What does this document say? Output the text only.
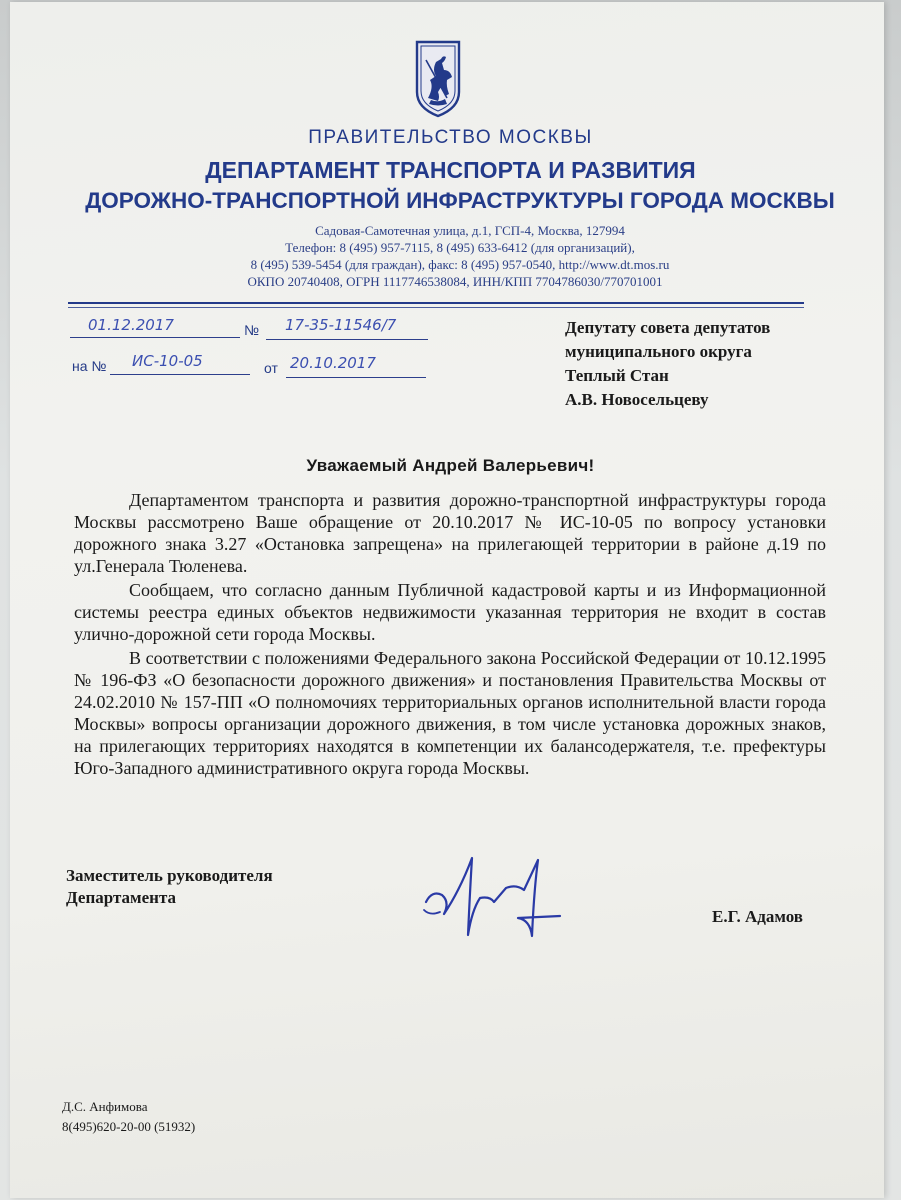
ПРАВИТЕЛЬСТВО МОСКВЫ
ДЕПАРТАМЕНТ ТРАНСПОРТА И РАЗВИТИЯ
ДОРОЖНО-ТРАНСПОРТНОЙ ИНФРАСТРУКТУРЫ ГОРОДА МОСКВЫ
Садовая-Самотечная улица, д.1, ГСП-4, Москва, 127994
Телефон: 8 (495) 957-7115, 8 (495) 633-6412 (для организаций),
8 (495) 539-5454 (для граждан), факс: 8 (495) 957-0540, http://www.dt.mos.ru
ОКПО 20740408, ОГРН 1117746538084, ИНН/КПП 7704786030/770701001
01.12.2017	№ 17-35-11546/7
на № ИС-10-05	от 20.10.2017
Депутату совета депутатов
муниципального округа
Теплый Стан
А.В. Новосельцеву
Уважаемый Андрей Валерьевич!

Департаментом транспорта и развития дорожно-транспортной инфраструктуры города Москвы рассмотрено Ваше обращение от 20.10.2017 № ИС-10-05 по вопросу установки дорожного знака 3.27 «Остановка запрещена» на прилегающей территории в районе д.19 по ул.Генерала Тюленева.

Сообщаем, что согласно данным Публичной кадастровой карты и из Информационной системы реестра единых объектов недвижимости указанная территория не входит в состав улично-дорожной сети города Москвы.

В соответствии с положениями Федерального закона Российской Федерации от 10.12.1995 № 196-ФЗ «О безопасности дорожного движения» и постановления Правительства Москвы от 24.02.2010 № 157-ПП «О полномочиях территориальных органов исполнительной власти города Москвы» вопросы организации дорожного движения, в том числе установка дорожных знаков, на прилегающих территориях находятся в компетенции их балансодержателя, т.е. префектуры Юго-Западного административного округа города Москвы.

Заместитель руководителя
Департамента
Е.Г. Адамов
Д.С. Анфимова
8(495)620-20-00 (51932)
